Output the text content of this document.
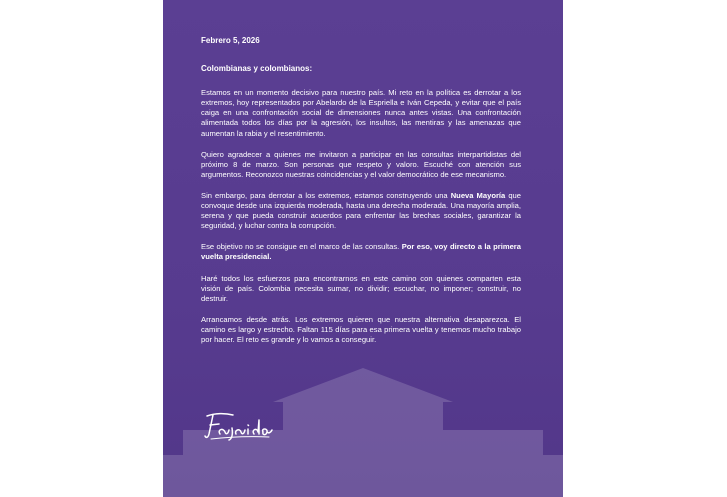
Febrero 5, 2026

Colombianas y colombianos:

Estamos en un momento decisivo para nuestro país. Mi reto en la política es derrotar a los extremos, hoy representados por Abelardo de la Espriella e Iván Cepeda, y evitar que el país caiga en una confrontación social de dimensiones nunca antes vistas. Una confrontación alimentada todos los días por la agresión, los insultos, las mentiras y las amenazas que aumentan la rabia y el resentimiento.

Quiero agradecer a quienes me invitaron a participar en las consultas interpartidistas del próximo 8 de marzo. Son personas que respeto y valoro. Escuché con atención sus argumentos. Reconozco nuestras coincidencias y el valor democrático de ese mecanismo.

Sin embargo, para derrotar a los extremos, estamos construyendo una Nueva Mayoría que convoque desde una izquierda moderada, hasta una derecha moderada. Una mayoría amplia, serena y que pueda construir acuerdos para enfrentar las brechas sociales, garantizar la seguridad, y luchar contra la corrupción.

Ese objetivo no se consigue en el marco de las consultas. Por eso, voy directo a la primera vuelta presidencial.

Haré todos los esfuerzos para encontrarnos en este camino con quienes comparten esta visión de país. Colombia necesita sumar, no dividir; escuchar, no imponer; construir, no destruir.

Arrancamos desde atrás. Los extremos quieren que nuestra alternativa desaparezca. El camino es largo y estrecho. Faltan 115 días para esa primera vuelta y tenemos mucho trabajo por hacer. El reto es grande y lo vamos a conseguir.
